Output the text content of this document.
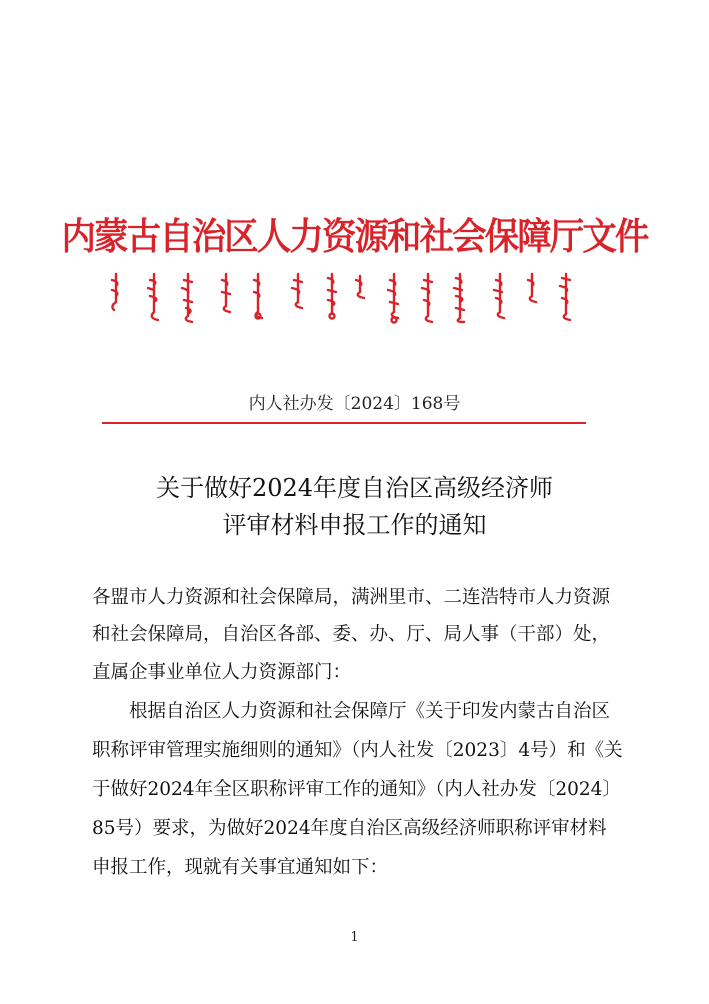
内蒙古自治区人力资源和社会保障厅文件
内人社办发〔2024〕168号
关于做好2024年度自治区高级经济师
评审材料申报工作的通知
各盟市人力资源和社会保障局，满洲里市、二连浩特市人力资源
和社会保障局，自治区各部、委、办、厅、局人事（干部）处，
直属企事业单位人力资源部门：
　　根据自治区人力资源和社会保障厅《关于印发内蒙古自治区
职称评审管理实施细则的通知》（内人社发〔2023〕4号）和《关
于做好2024年全区职称评审工作的通知》（内人社办发〔2024〕
85号）要求，为做好2024年度自治区高级经济师职称评审材料
申报工作，现就有关事宜通知如下：
1
